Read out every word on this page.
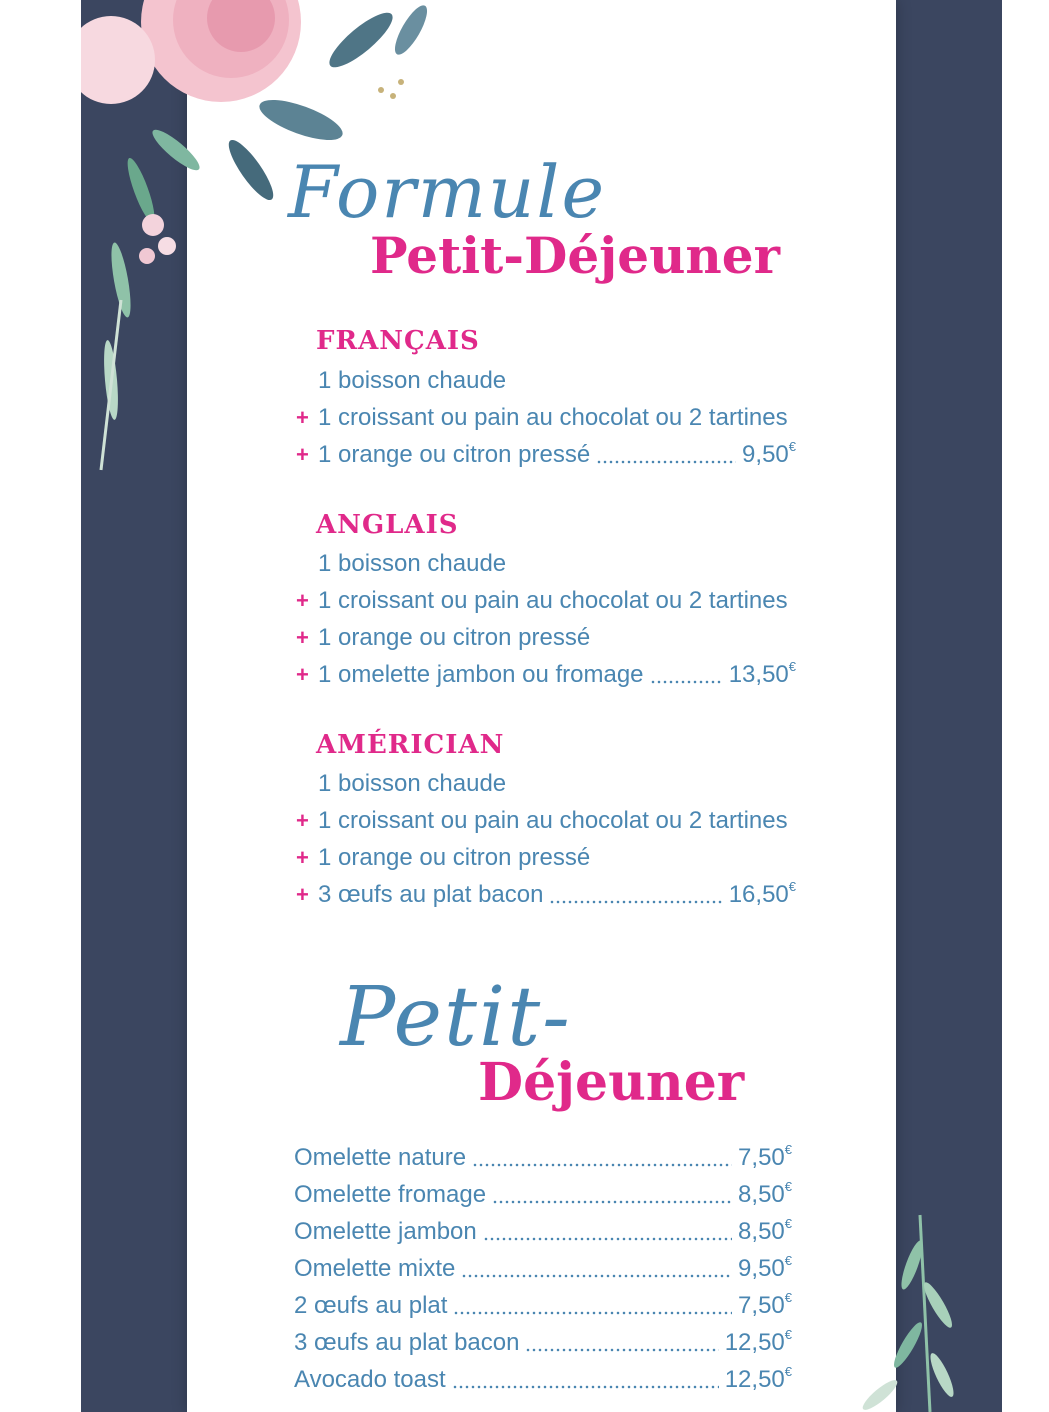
Formule
Petit-Déjeuner
FRANÇAIS
1 boisson chaude
+ 1 croissant ou pain au chocolat ou 2 tartines
+ 1 orange ou citron pressé	9,50€
ANGLAIS
1 boisson chaude
+ 1 croissant ou pain au chocolat ou 2 tartines
+ 1 orange ou citron pressé
+ 1 omelette jambon ou fromage	13,50€
AMÉRICIAN
1 boisson chaude
+ 1 croissant ou pain au chocolat ou 2 tartines
+ 1 orange ou citron pressé
+ 3 œufs au plat bacon	16,50€
Petit-
Déjeuner
Omelette nature	7,50€
Omelette fromage	8,50€
Omelette jambon	8,50€
Omelette mixte	9,50€
2 œufs au plat	7,50€
3 œufs au plat bacon	12,50€
Avocado toast	12,50€
